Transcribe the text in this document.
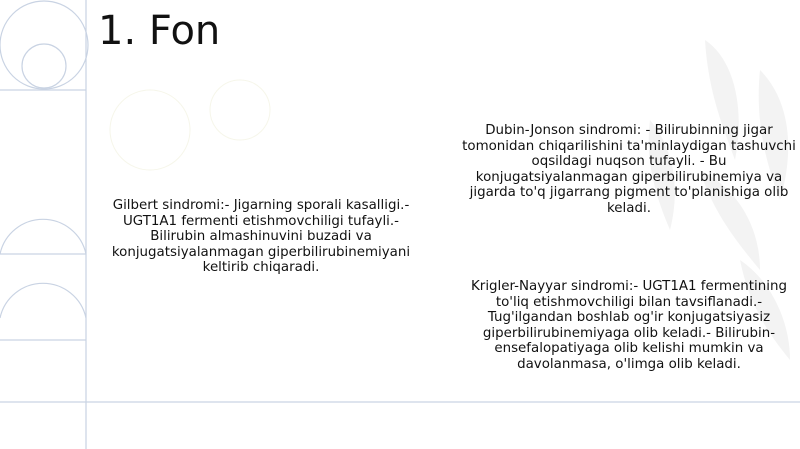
1. Fon
Gilbert sindromi:- Jigarning sporali kasalligi.- UGT1A1 fermenti etishmovchiligi tufayli.- Bilirubin almashinuvini buzadi va konjugatsiyalanmagan giperbilirubinemiyani keltirib chiqaradi.
Dubin-Jonson sindromi: - Bilirubinning jigar tomonidan chiqarilishini ta'minlaydigan tashuvchi oqsildagi nuqson tufayli. - Bu konjugatsiyalanmagan giperbilirubinemiya va jigarda to'q jigarrang pigment to'planishiga olib keladi.
Krigler-Nayyar sindromi:- UGT1A1 fermentining to'liq etishmovchiligi bilan tavsiflanadi.- Tug'ilgandan boshlab og'ir konjugatsiyasiz giperbilirubinemiyaga olib keladi.- Bilirubin-ensefalopatiyaga olib kelishi mumkin va davolanmasa, o'limga olib keladi.
